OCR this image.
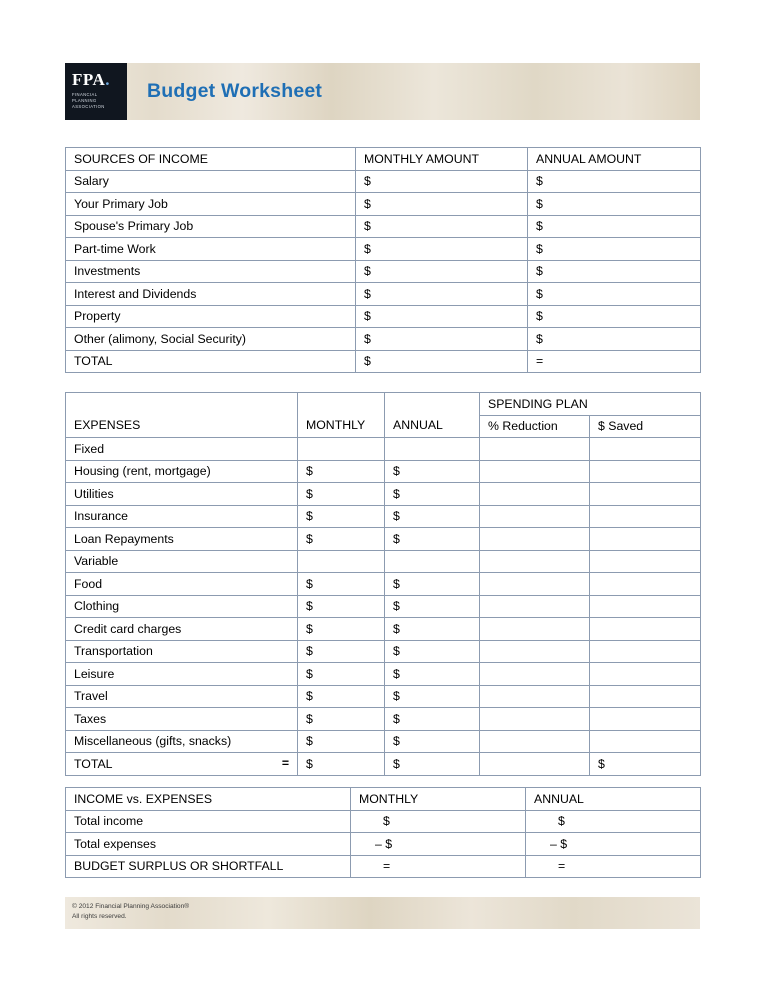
FPA.
FINANCIAL
PLANNING
ASSOCIATION
Budget Worksheet
SOURCES OF INCOME	MONTHLY AMOUNT	ANNUAL AMOUNT
Salary	$	$
Your Primary Job	$	$
Spouse's Primary Job	$	$
Part-time Work	$	$
Investments	$	$
Interest and Dividends	$	$
Property	$	$
Other (alimony, Social Security)	$	$
TOTAL	$	=
EXPENSES	MONTHLY	ANNUAL	SPENDING PLAN	
			% Reduction	$ Saved
Fixed				
Housing (rent, mortgage)	$	$		
Utilities	$	$		
Insurance	$	$		
Loan Repayments	$	$		
Variable				
Food	$	$		
Clothing	$	$		
Credit card charges	$	$		
Transportation	$	$		
Leisure	$	$		
Travel	$	$		
Taxes	$	$		
Miscellaneous (gifts, snacks)	$	$		
TOTAL =	$	$		$
INCOME vs. EXPENSES	MONTHLY	ANNUAL
Total income	$	$
Total expenses	– $	– $
BUDGET SURPLUS OR SHORTFALL	=	=
© 2012 Financial Planning Association®
All rights reserved.
